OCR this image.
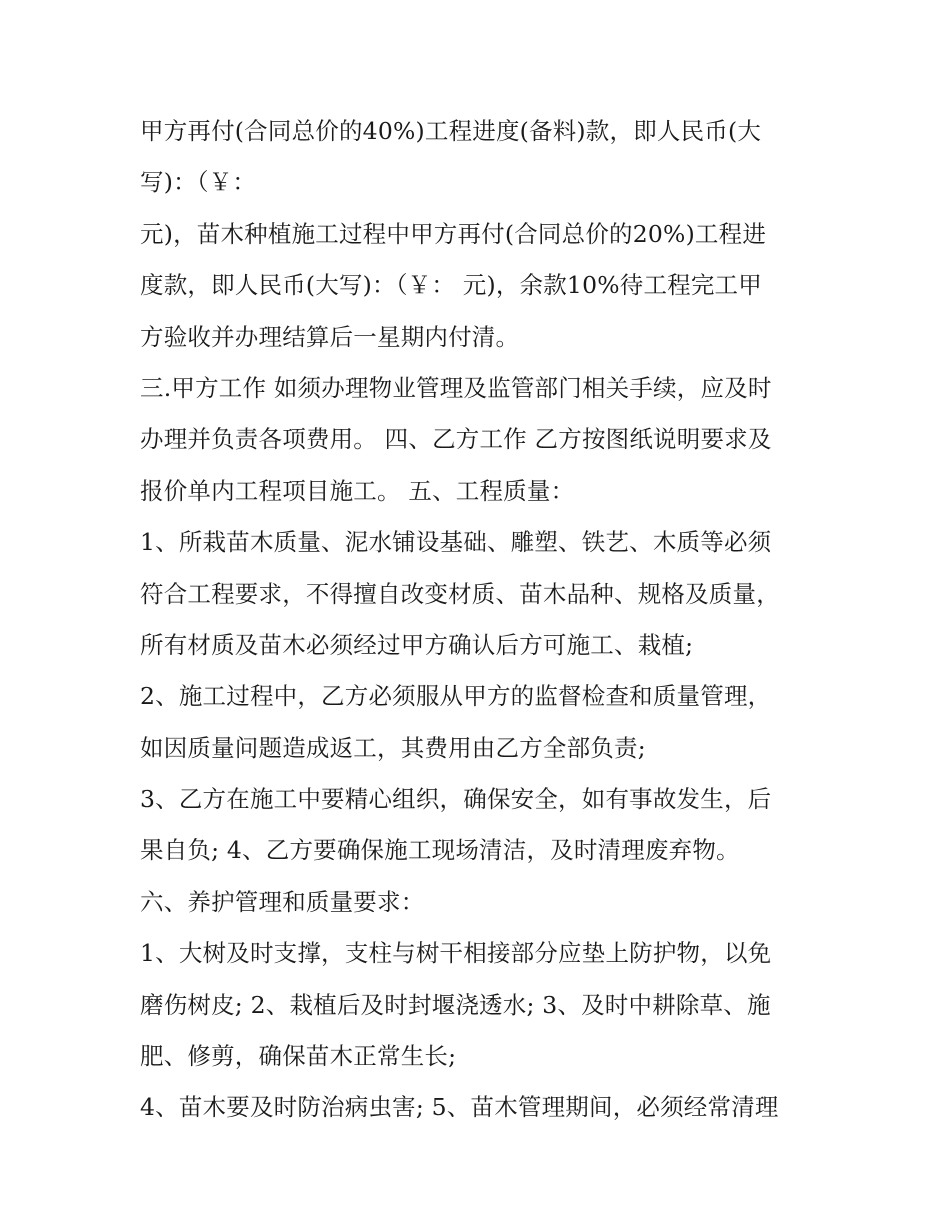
甲方再付(合同总价的40%)工程进度(备料)款，即人民币(大
写)：（￥：
元)，苗木种植施工过程中甲方再付(合同总价的20%)工程进
度款，即人民币(大写)：（￥： 元)，余款10%待工程完工甲
方验收并办理结算后一星期内付清。
三.甲方工作 如须办理物业管理及监管部门相关手续，应及时
办理并负责各项费用。 四、乙方工作 乙方按图纸说明要求及
报价单内工程项目施工。 五、工程质量：
1、所栽苗木质量、泥水铺设基础、雕塑、铁艺、木质等必须
符合工程要求，不得擅自改变材质、苗木品种、规格及质量，
所有材质及苗木必须经过甲方确认后方可施工、栽植;
2、施工过程中，乙方必须服从甲方的监督检查和质量管理，
如因质量问题造成返工，其费用由乙方全部负责;
3、乙方在施工中要精心组织，确保安全，如有事故发生，后
果自负; 4、乙方要确保施工现场清洁，及时清理废弃物。
六、养护管理和质量要求：
1、大树及时支撑，支柱与树干相接部分应垫上防护物，以免
磨伤树皮; 2、栽植后及时封堰浇透水; 3、及时中耕除草、施
肥、修剪，确保苗木正常生长;
4、苗木要及时防治病虫害; 5、苗木管理期间，必须经常清理
